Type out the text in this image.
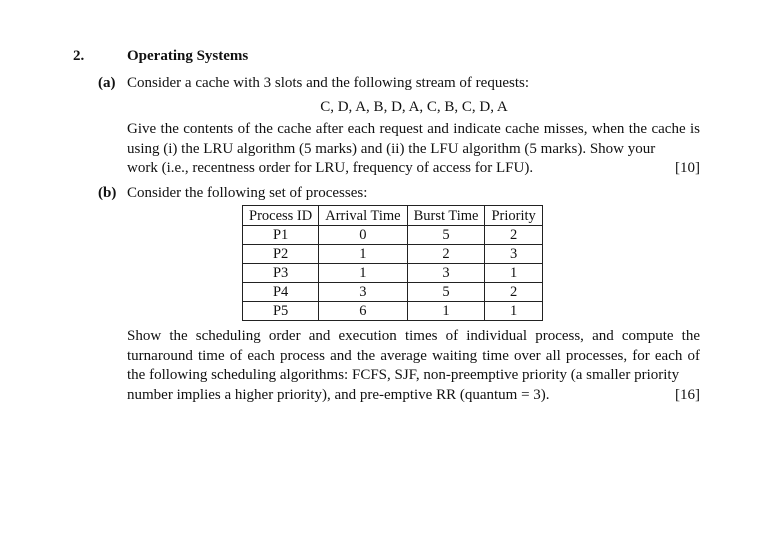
2.	Operating Systems
(a) Consider a cache with 3 slots and the following stream of requests:
C, D, A, B, D, A, C, B, C, D, A
Give the contents of the cache after each request and indicate cache misses, when the cache is using (i) the LRU algorithm (5 marks) and (ii) the LFU algorithm (5 marks). Show your
work (i.e., recentness order for LRU, frequency of access for LFU).	[10]
(b) Consider the following set of processes:
Process ID	Arrival Time	Burst Time	Priority
P1	0	5	2
P2	1	2	3
P3	1	3	1
P4	3	5	2
P5	6	1	1
Show the scheduling order and execution times of individual process, and compute the turnaround time of each process and the average waiting time over all processes, for each of the following scheduling algorithms: FCFS, SJF, non-preemptive priority (a smaller priority
number implies a higher priority), and pre-emptive RR (quantum = 3).	[16]
